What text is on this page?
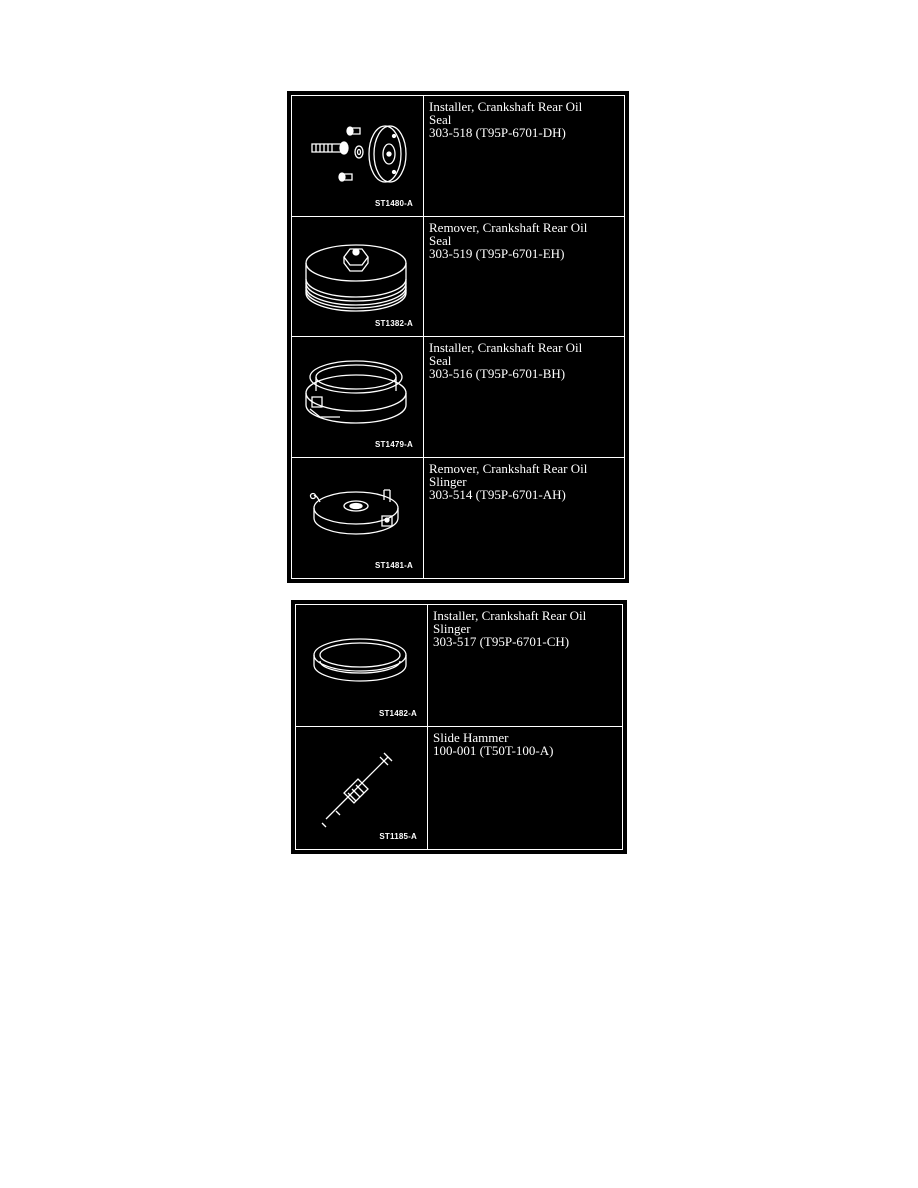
ST1480-A
Installer, Crankshaft Rear Oil
Seal
303-518 (T95P-6701-DH)
ST1382-A
Remover, Crankshaft Rear Oil
Seal
303-519 (T95P-6701-EH)
ST1479-A
Installer, Crankshaft Rear Oil
Seal
303-516 (T95P-6701-BH)
ST1481-A
Remover, Crankshaft Rear Oil
Slinger
303-514 (T95P-6701-AH)
ST1482-A
Installer, Crankshaft Rear Oil
Slinger
303-517 (T95P-6701-CH)
ST1185-A
Slide Hammer
100-001 (T50T-100-A)
